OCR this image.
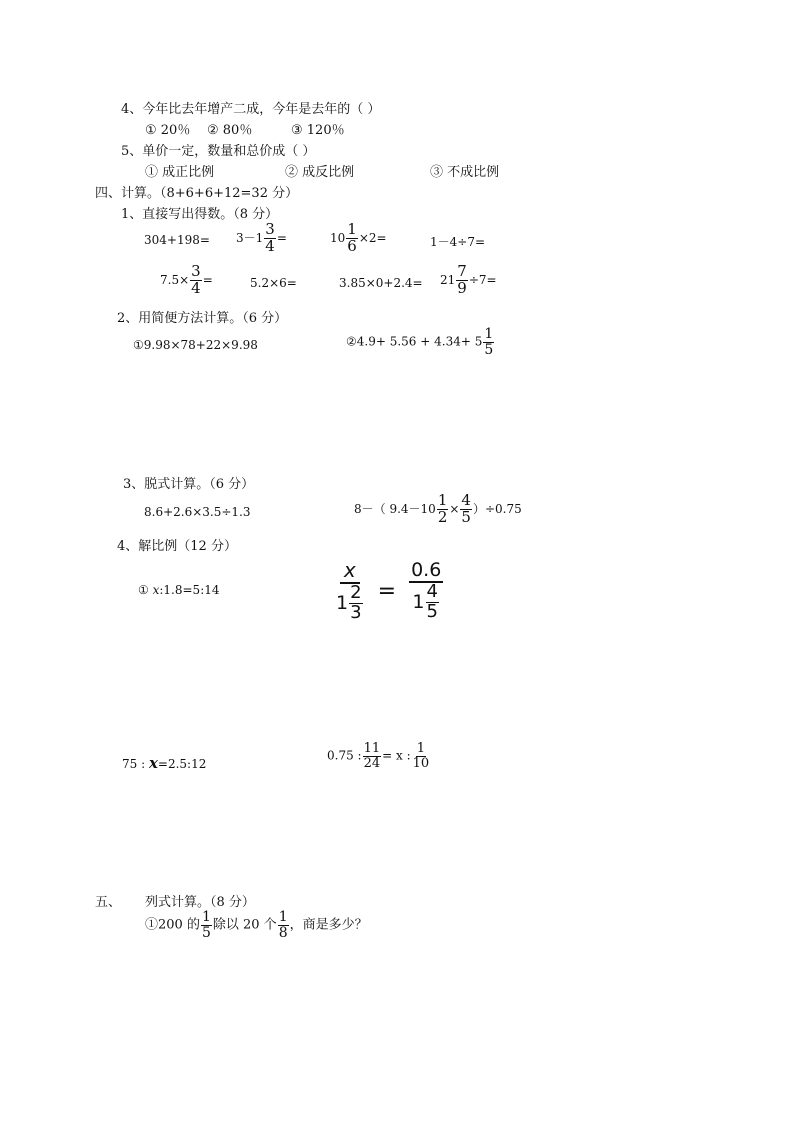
4、今年比去年增产二成，今年是去年的（ ）
① 20％ ② 80％	③ 120％
5、单价一定，数量和总价成（ ）
① 成正比例	② 成反比例	③ 不成比例
四、计算。（8+6+6+12=32 分）
1、直接写出得数。（8 分）
$304+198= 3-1 \frac{3}{4}$ =	$10 \frac{1}{6} \times 2=$	1－4÷7=
$7.5\times \frac{3}{4}$ =	5.2×6=	$3.85\times 0+2.4= 21 \frac{7}{9} \div 7=$
2、用简便方法计算。（6 分）
①9.98×78+22×9.98	②4.9+ $5.56 + 4.34+ 5 \frac{1}{5}$
3、脱式计算。（6 分）
8.6+2.6×3.5÷1.3	8－（ $9.4-10 \frac{1}{2} \times \frac{4}{5} )\div 0.75$
4、解比例（12 分）
① x:1.8=5:14	$\frac{x}{1 \frac{2}{3}} = \frac{0.6}{1 \frac{4}{5}}$
75 : x=2.5:12
0.75 : $\frac{11}{24} = x$ : $\frac{1}{10}$
五、 列式计算。（8 分）
①200 的 $\frac{1}{5}$ 除以 20 个 $\frac{1}{8}$ ，商是多少？
